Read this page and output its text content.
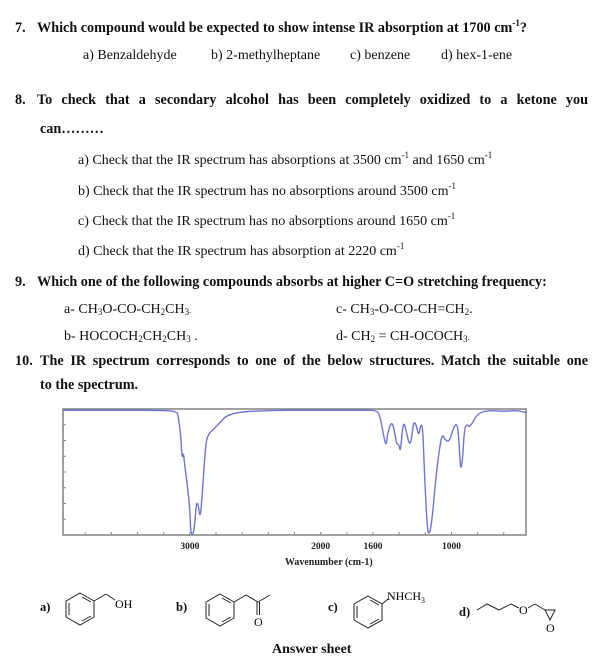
7. Which compound would be expected to show intense IR absorption at 1700 $cm^{-1}$?
a) Benzaldehyde b) 2-methylheptane c) benzene d) hex-1-ene
8. To check that a secondary alcohol has been completely oxidized to a ketone you
can………
a) Check that the IR spectrum has absorptions at 3500 $cm^{-1}$ and 1650 $cm^{-1}$
b) Check that the IR spectrum has no absorptions around 3500 $cm^{-1}$
c) Check that the IR spectrum has no absorptions around 1650 $cm^{-1}$
d) Check that the IR spectrum has absorption at 2220 $cm^{-1}$
9. Which one of the following compounds absorbs at higher C=O stretching frequency:
a- $CH_3O-CO-CH_2CH_3$.	c- $CH_3-O-CO-CH=CH_2$.
b- $HOCOCH_2CH_2CH_3$ .	d- $CH_2$ = $CH-OCOCH_3$.
10. The IR spectrum corresponds to one of the below structures. Match the suitable one
to the spectrum.
3000	2000	1600	1000
Wavenumber (cm-1)
a)	b)	c)	d)
OH
O
$NHCH_3$
O
O
Answer sheet
